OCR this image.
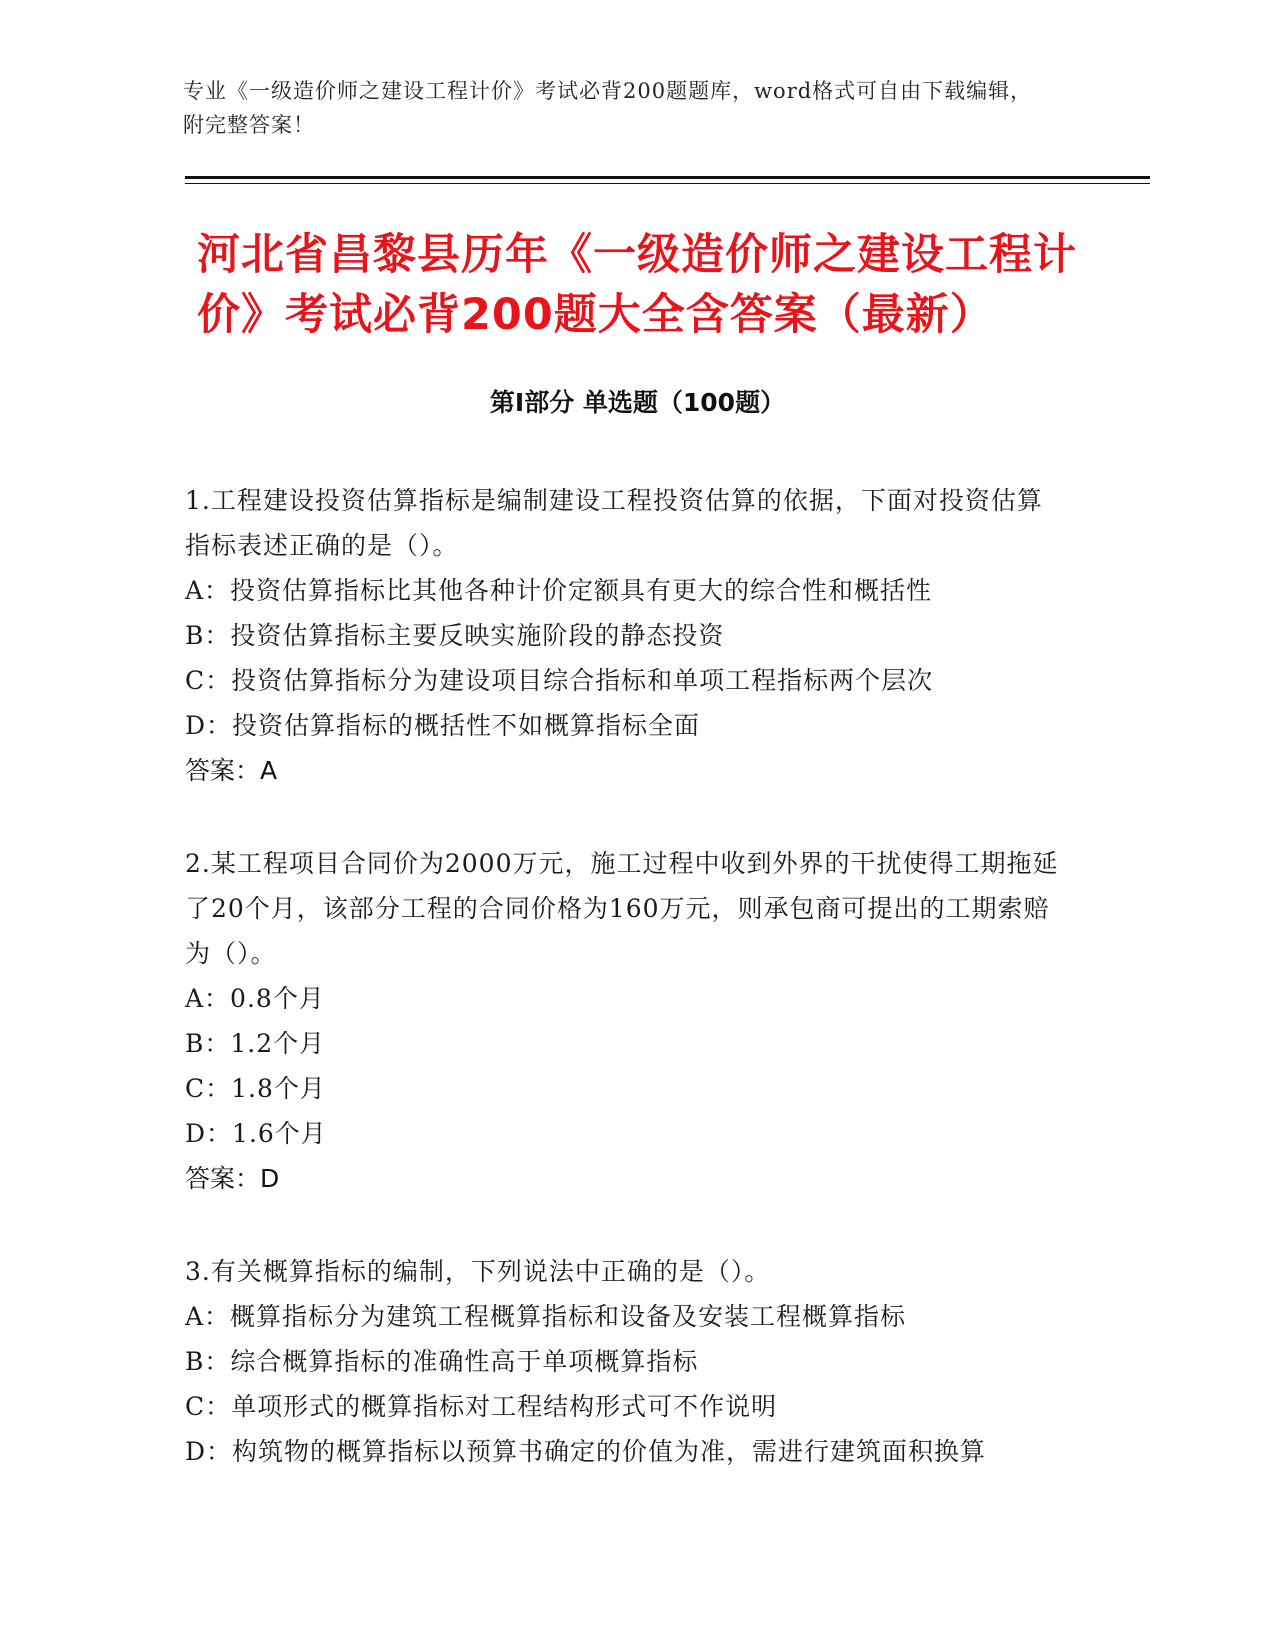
专业《一级造价师之建设工程计价》考试必背200题题库，word格式可自由下载编辑，附完整答案！
河北省昌黎县历年《一级造价师之建设工程计价》考试必背200题大全含答案（最新）
第Ⅰ部分 单选题（100题）
1.工程建设投资估算指标是编制建设工程投资估算的依据，下面对投资估算指标表述正确的是（）。
A：投资估算指标比其他各种计价定额具有更大的综合性和概括性
B：投资估算指标主要反映实施阶段的静态投资
C：投资估算指标分为建设项目综合指标和单项工程指标两个层次
D：投资估算指标的概括性不如概算指标全面
答案：A
2.某工程项目合同价为2000万元，施工过程中收到外界的干扰使得工期拖延了20个月，该部分工程的合同价格为160万元，则承包商可提出的工期索赔为（）。
A：0.8个月
B：1.2个月
C：1.8个月
D：1.6个月
答案：D
3.有关概算指标的编制，下列说法中正确的是（）。
A：概算指标分为建筑工程概算指标和设备及安装工程概算指标
B：综合概算指标的准确性高于单项概算指标
C：单项形式的概算指标对工程结构形式可不作说明
D：构筑物的概算指标以预算书确定的价值为准，需进行建筑面积换算
